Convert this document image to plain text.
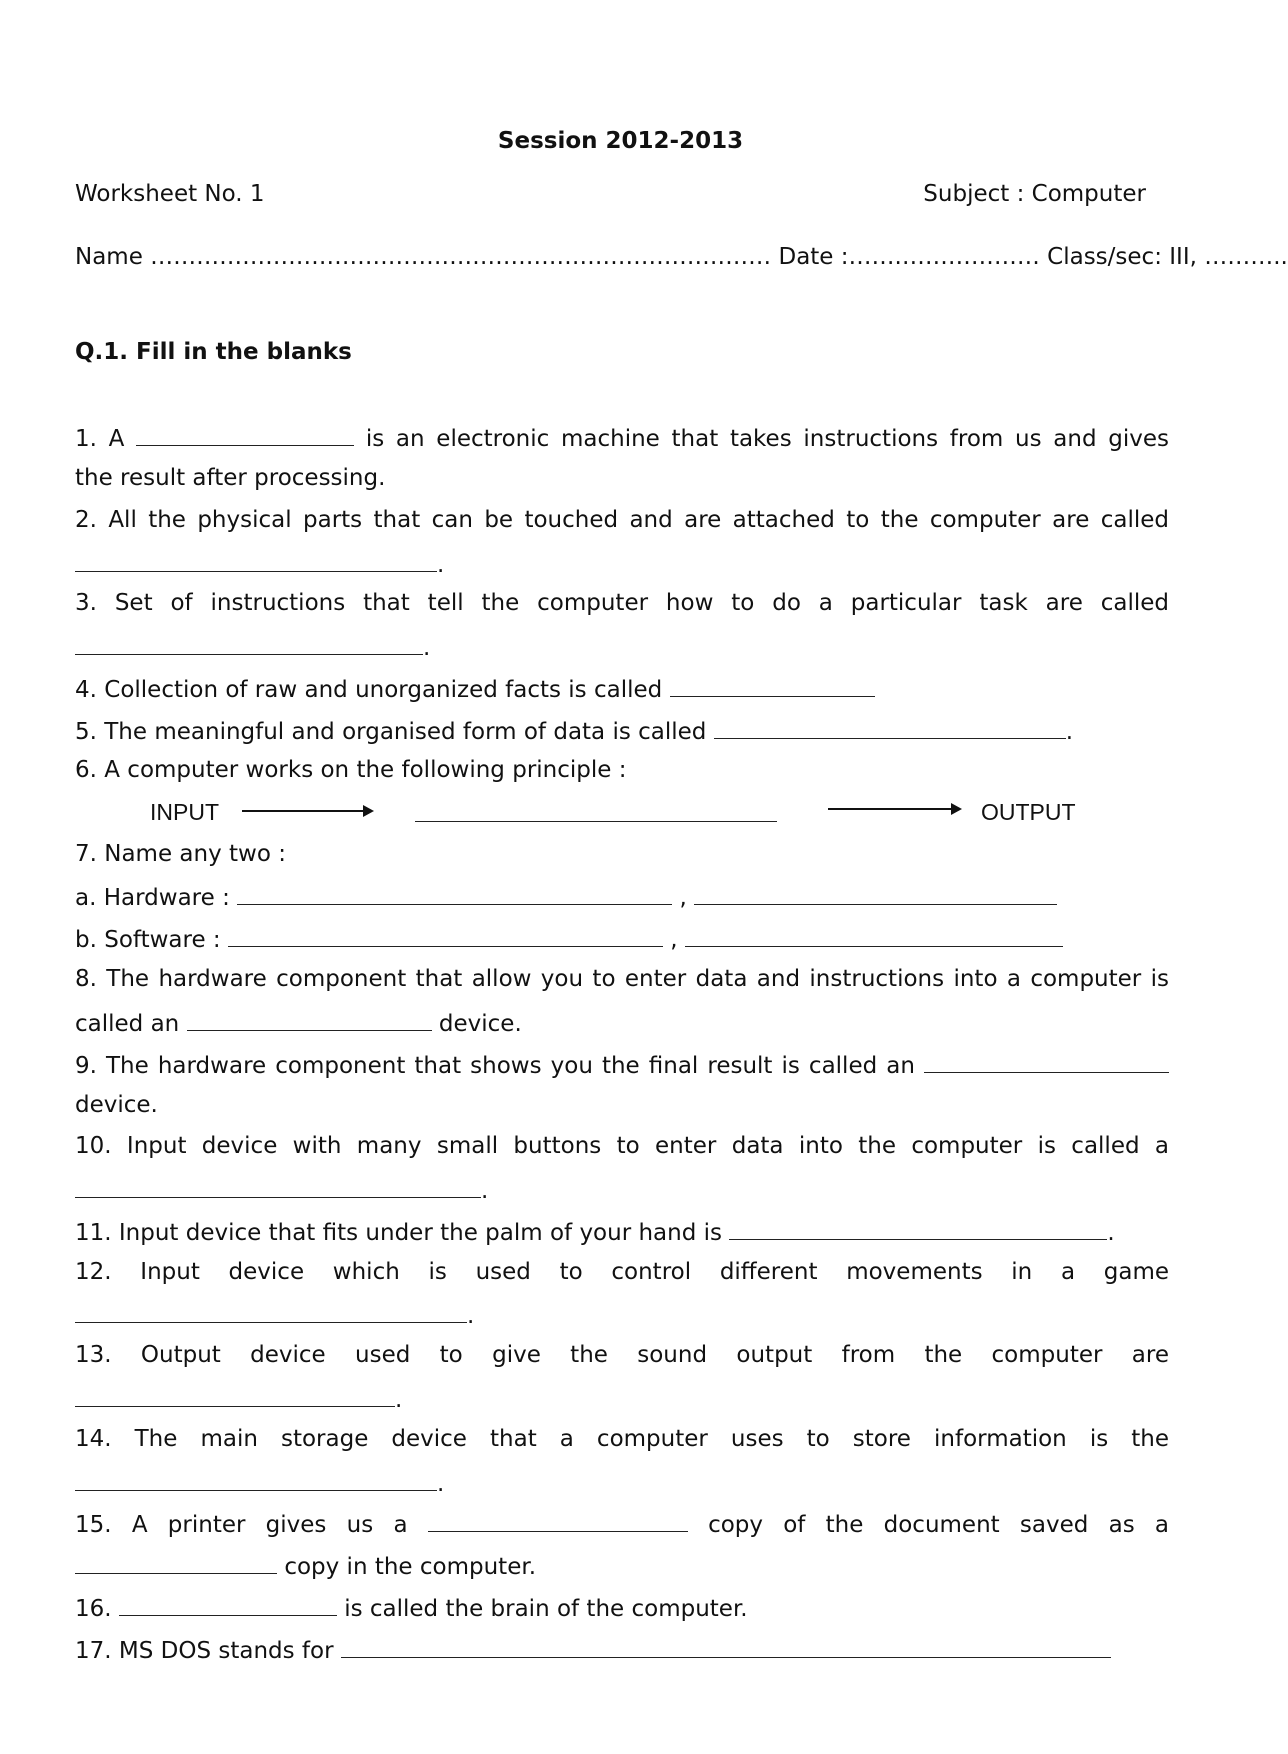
Session 2012-2013
Worksheet No. 1	Subject : Computer
Name ……………………………………………………………………… Date :…….……………… Class/sec: III, ………..
Q.1. Fill in the blanks
1. A	is an electronic machine that takes instructions from us and gives
the result after processing.
2. All the physical parts that can be touched and are attached to the computer are called
.
3. Set of instructions that tell the computer how to do a particular task are called
.
4. Collection of raw and unorganized facts is called
5. The meaningful and organised form of data is called	.
6. A computer works on the following principle :
INPUT	OUTPUT
7. Name any two :
a. Hardware :	,
b. Software :	,
8. The hardware component that allow you to enter data and instructions into a computer is
called an	device.
9. The hardware component that shows you the final result is called an
device.
10. Input device with many small buttons to enter data into the computer is called a
.
11. Input device that fits under the palm of your hand is	.
12. Input device which is used to control different movements in a game
.
13. Output device used to give the sound output from the computer are
.
14. The main storage device that a computer uses to store information is the
.
15. A printer gives us a	copy of the document saved as a
copy in the computer.
16.	is called the brain of the computer.
17. MS DOS stands for
